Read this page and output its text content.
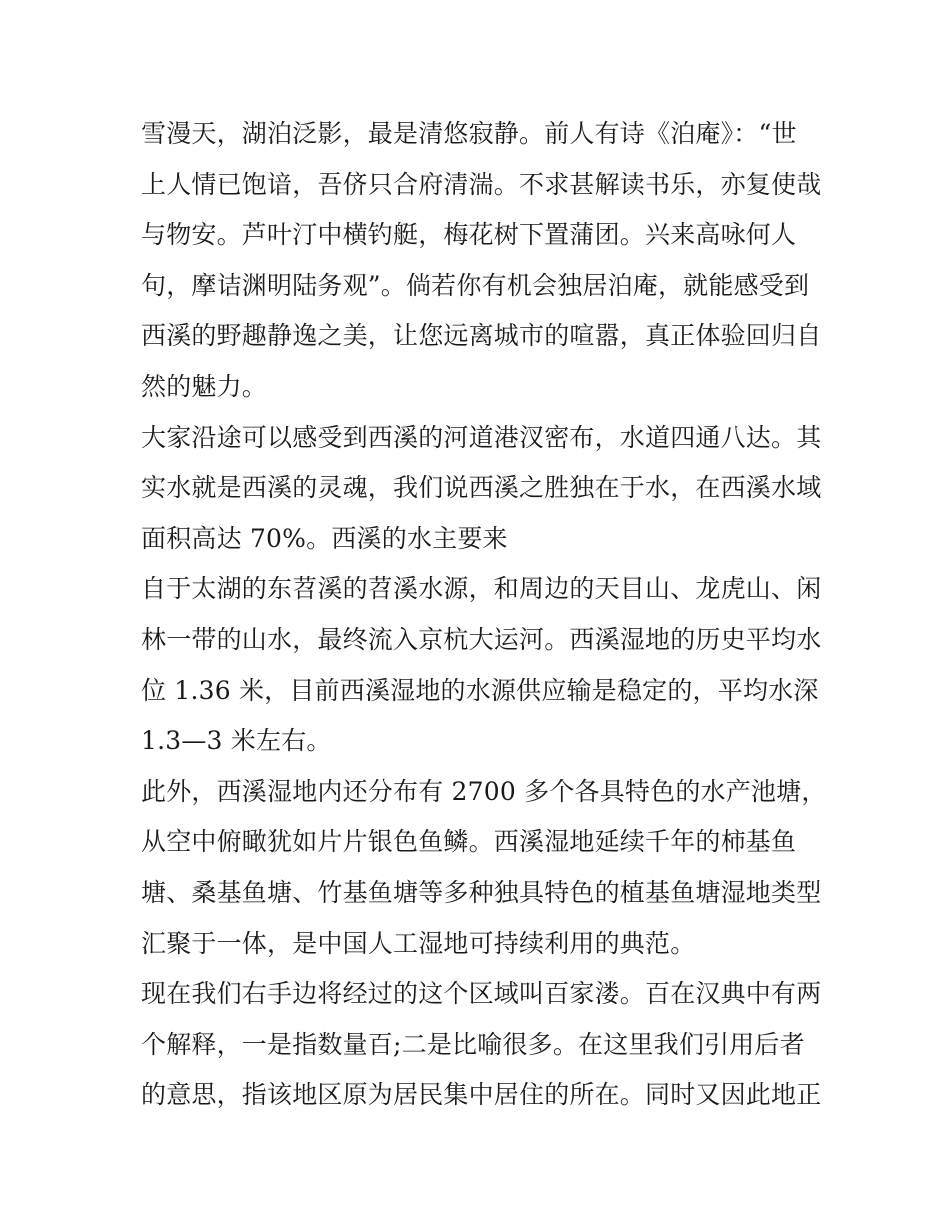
雪漫天，湖泊泛影，最是清悠寂静。前人有诗《泊庵》：“世
上人情已饱谙，吾侪只合府清湍。不求甚解读书乐，亦复使哉
与物安。芦叶汀中横钓艇，梅花树下置蒲团。兴来高咏何人
句，摩诘渊明陆务观”。倘若你有机会独居泊庵，就能感受到
西溪的野趣静逸之美，让您远离城市的喧嚣，真正体验回归自
然的魅力。
大家沿途可以感受到西溪的河道港汊密布，水道四通八达。其
实水就是西溪的灵魂，我们说西溪之胜独在于水，在西溪水域
面积高达 70%。西溪的水主要来
自于太湖的东苕溪的苕溪水源，和周边的天目山、龙虎山、闲
林一带的山水，最终流入京杭大运河。西溪湿地的历史平均水
位 1.36 米，目前西溪湿地的水源供应输是稳定的，平均水深
1.3—3 米左右。
此外，西溪湿地内还分布有 2700 多个各具特色的水产池塘，
从空中俯瞰犹如片片银色鱼鳞。西溪湿地延续千年的柿基鱼
塘、桑基鱼塘、竹基鱼塘等多种独具特色的植基鱼塘湿地类型
汇聚于一体，是中国人工湿地可持续利用的典范。
现在我们右手边将经过的这个区域叫百家溇。百在汉典中有两
个解释，一是指数量百;二是比喻很多。在这里我们引用后者
的意思，指该地区原为居民集中居住的所在。同时又因此地正
